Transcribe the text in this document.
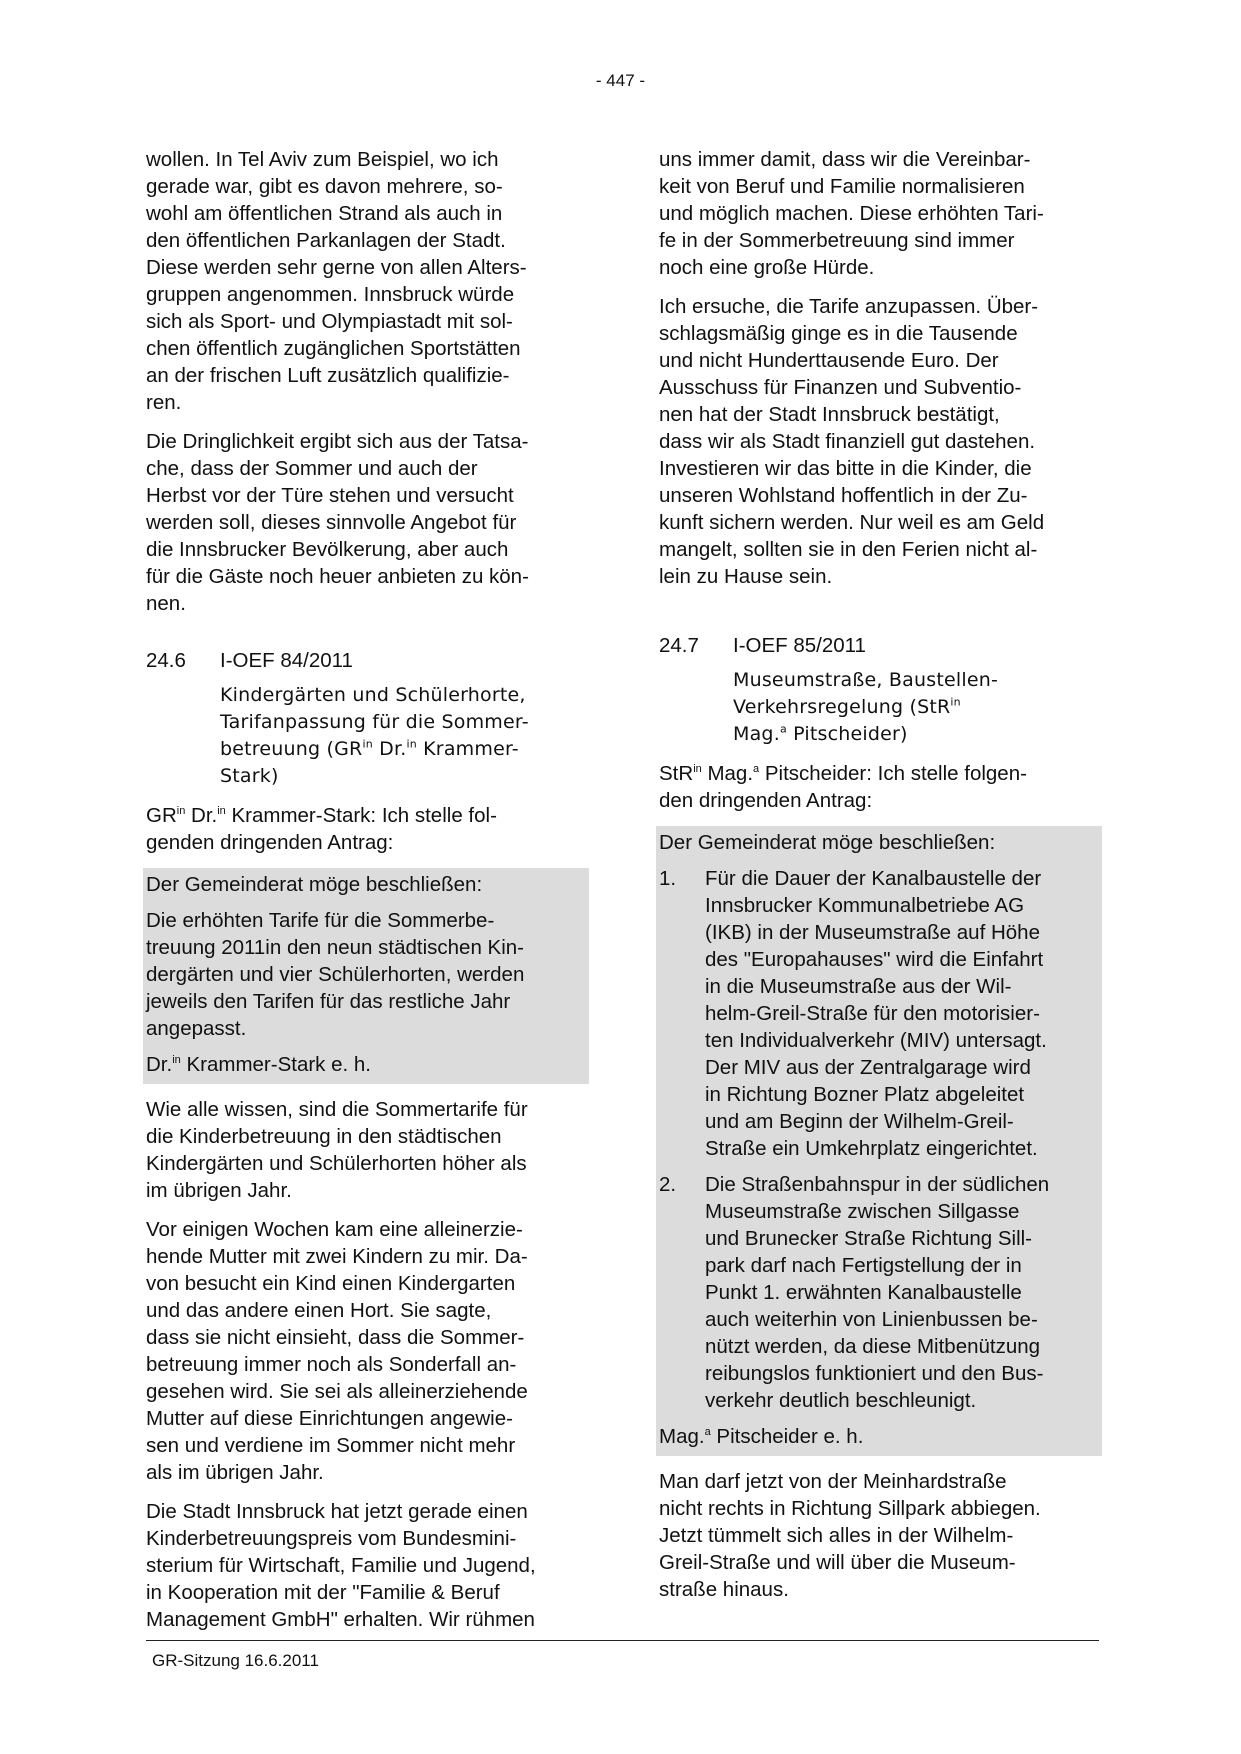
- 447 -

wollen. In Tel Aviv zum Beispiel, wo ich
gerade war, gibt es davon mehrere, so-
wohl am öffentlichen Strand als auch in
den öffentlichen Parkanlagen der Stadt.
Diese werden sehr gerne von allen Alters-
gruppen angenommen. Innsbruck würde
sich als Sport- und Olympiastadt mit sol-
chen öffentlich zugänglichen Sportstätten
an der frischen Luft zusätzlich qualifizie-
ren.

Die Dringlichkeit ergibt sich aus der Tatsa-
che, dass der Sommer und auch der
Herbst vor der Türe stehen und versucht
werden soll, dieses sinnvolle Angebot für
die Innsbrucker Bevölkerung, aber auch
für die Gäste noch heuer anbieten zu kön-
nen.

24.6	I-OEF 84/2011
Kindergärten und Schülerhorte,
Tarifanpassung für die Sommer-
betreuung ($GR^{in}$ Dr.$^{in}$ Krammer-
Stark)

$GR^{in}$ Dr.$^{in}$ Krammer-Stark: Ich stelle fol-
genden dringenden Antrag:

Der Gemeinderat möge beschließen:

Die erhöhten Tarife für die Sommerbe-
treuung 2011in den neun städtischen Kin-
dergärten und vier Schülerhorten, werden
jeweils den Tarifen für das restliche Jahr
angepasst.

Dr.$^{in}$ Krammer-Stark e. h.

Wie alle wissen, sind die Sommertarife für
die Kinderbetreuung in den städtischen
Kindergärten und Schülerhorten höher als
im übrigen Jahr.

Vor einigen Wochen kam eine alleinerzie-
hende Mutter mit zwei Kindern zu mir. Da-
von besucht ein Kind einen Kindergarten
und das andere einen Hort. Sie sagte,
dass sie nicht einsieht, dass die Sommer-
betreuung immer noch als Sonderfall an-
gesehen wird. Sie sei als alleinerziehende
Mutter auf diese Einrichtungen angewie-
sen und verdiene im Sommer nicht mehr
als im übrigen Jahr.

Die Stadt Innsbruck hat jetzt gerade einen
Kinderbetreuungspreis vom Bundesmini-
sterium für Wirtschaft, Familie und Jugend,
in Kooperation mit der "Familie & Beruf
Management GmbH" erhalten. Wir rühmen

uns immer damit, dass wir die Vereinbar-
keit von Beruf und Familie normalisieren
und möglich machen. Diese erhöhten Tari-
fe in der Sommerbetreuung sind immer
noch eine große Hürde.

Ich ersuche, die Tarife anzupassen. Über-
schlagsmäßig ginge es in die Tausende
und nicht Hunderttausende Euro. Der
Ausschuss für Finanzen und Subventio-
nen hat der Stadt Innsbruck bestätigt,
dass wir als Stadt finanziell gut dastehen.
Investieren wir das bitte in die Kinder, die
unseren Wohlstand hoffentlich in der Zu-
kunft sichern werden. Nur weil es am Geld
mangelt, sollten sie in den Ferien nicht al-
lein zu Hause sein.

24.7	I-OEF 85/2011
Museumstraße, Baustellen-
Verkehrsregelung (StR$^{in}$
Mag.$^a$ Pitscheider)

StR$^{in}$ Mag.$^a$ Pitscheider: Ich stelle folgen-
den dringenden Antrag:

Der Gemeinderat möge beschließen:

1.	Für die Dauer der Kanalbaustelle der
Innsbrucker Kommunalbetriebe AG
(IKB) in der Museumstraße auf Höhe
des "Europahauses" wird die Einfahrt
in die Museumstraße aus der Wil-
helm-Greil-Straße für den motorisier-
ten Individualverkehr (MIV) untersagt.
Der MIV aus der Zentralgarage wird
in Richtung Bozner Platz abgeleitet
und am Beginn der Wilhelm-Greil-
Straße ein Umkehrplatz eingerichtet.
2.	Die Straßenbahnspur in der südlichen
Museumstraße zwischen Sillgasse
und Brunecker Straße Richtung Sill-
park darf nach Fertigstellung der in
Punkt 1. erwähnten Kanalbaustelle
auch weiterhin von Linienbussen be-
nützt werden, da diese Mitbenützung
reibungslos funktioniert und den Bus-
verkehr deutlich beschleunigt.

Mag.$^a$ Pitscheider e. h.

Man darf jetzt von der Meinhardstraße
nicht rechts in Richtung Sillpark abbiegen.
Jetzt tümmelt sich alles in der Wilhelm-
Greil-Straße und will über die Museum-
straße hinaus.

GR-Sitzung 16.6.2011
